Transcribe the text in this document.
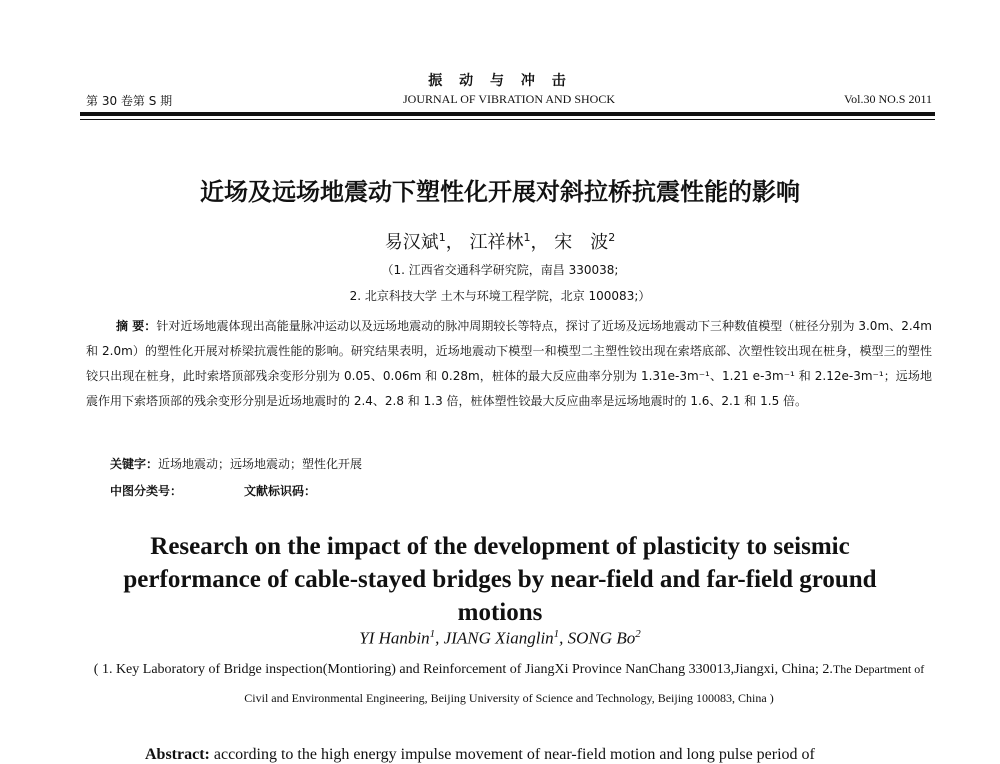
振 动 与 冲 击
第 30 卷第 S 期	JOURNAL OF VIBRATION AND SHOCK	Vol.30 NO.S 2011
近场及远场地震动下塑性化开展对斜拉桥抗震性能的影响
易汉斌$^1$， 江祥林$^1$， 宋　波$^2$
（1. 江西省交通科学研究院，南昌 330038;
2. 北京科技大学 土木与环境工程学院，北京 100083;）
摘 要：针对近场地震体现出高能量脉冲运动以及远场地震动的脉冲周期较长等特点，探讨了近场及远场地震动下三种数值模型（桩径分别为 3.0m、2.4m 和 2.0m）的塑性化开展对桥梁抗震性能的影响。研究结果表明，近场地震动下模型一和模型二主塑性铰出现在索塔底部、次塑性铰出现在桩身，模型三的塑性铰只出现在桩身，此时索塔顶部残余变形分别为 0.05、0.06m 和 0.28m，桩体的最大反应曲率分别为 1.31e-3m⁻¹、1.21 e-3m⁻¹ 和 2.12e-3m⁻¹；远场地震作用下索塔顶部的残余变形分别是近场地震时的 2.4、2.8 和 1.3 倍，桩体塑性铰最大反应曲率是远场地震时的 1.6、2.1 和 1.5 倍。
关键字：近场地震动；远场地震动；塑性化开展
中图分类号：	文献标识码：
Research on the impact of the development of plasticity to seismic performance of cable-stayed bridges by near-field and far-field ground motions
YI Hanbin$^1$, JIANG Xianglin$^1$, SONG Bo$^2$
( 1. Key Laboratory of Bridge inspection(Montioring) and Reinforcement of JiangXi Province NanChang 330013,Jiangxi, China; 2.The Department of Civil and Environmental Engineering, Beijing University of Science and Technology, Beijing 100083, China )
Abstract: according to the high energy impulse movement of near-field motion and long pulse period of
